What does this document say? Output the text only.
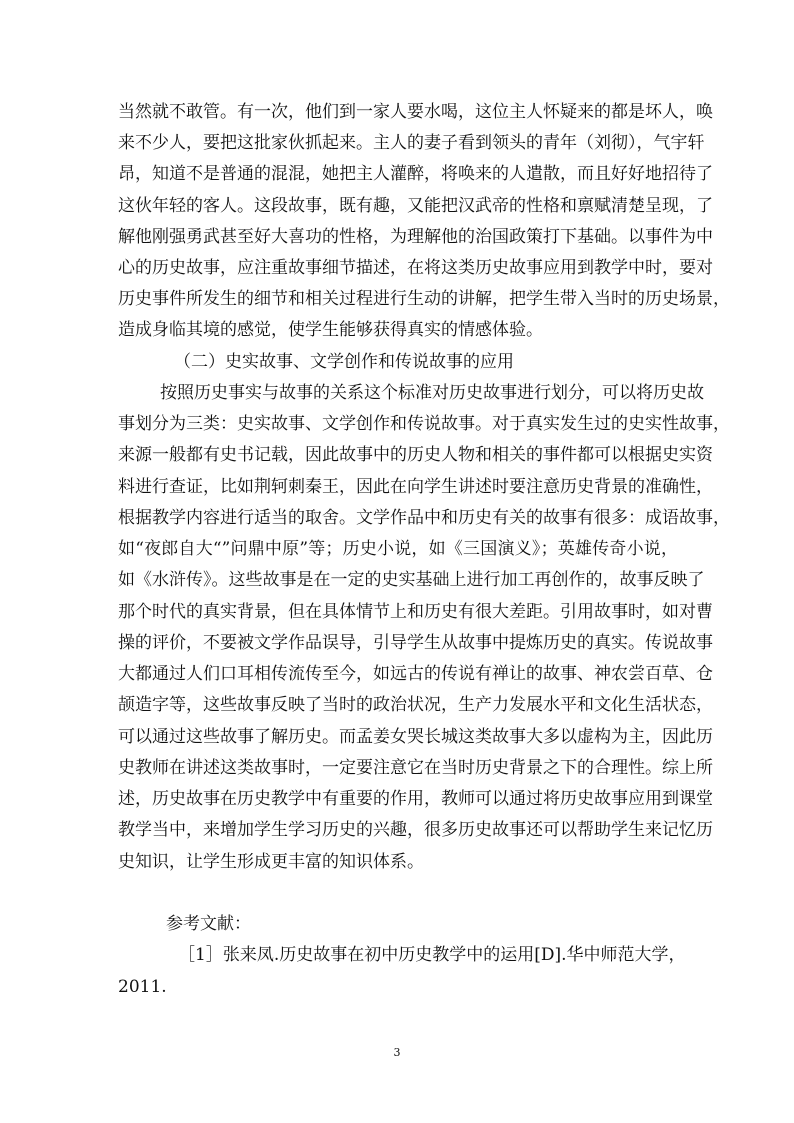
当然就不敢管。有一次，他们到一家人要水喝，这位主人怀疑来的都是坏人，唤
来不少人，要把这批家伙抓起来。主人的妻子看到领头的青年（刘彻），气宇轩
昂，知道不是普通的混混，她把主人灌醉，将唤来的人遣散，而且好好地招待了
这伙年轻的客人。这段故事，既有趣，又能把汉武帝的性格和禀赋清楚呈现，了
解他刚强勇武甚至好大喜功的性格，为理解他的治国政策打下基础。以事件为中
心的历史故事，应注重故事细节描述，在将这类历史故事应用到教学中时，要对
历史事件所发生的细节和相关过程进行生动的讲解，把学生带入当时的历史场景，
造成身临其境的感觉，使学生能够获得真实的情感体验。
（二）史实故事、文学创作和传说故事的应用
按照历史事实与故事的关系这个标准对历史故事进行划分，可以将历史故
事划分为三类：史实故事、文学创作和传说故事。对于真实发生过的史实性故事，
来源一般都有史书记载，因此故事中的历史人物和相关的事件都可以根据史实资
料进行查证，比如荆轲刺秦王，因此在向学生讲述时要注意历史背景的准确性，
根据教学内容进行适当的取舍。文学作品中和历史有关的故事有很多：成语故事，
如“夜郎自大“”问鼎中原”等；历史小说，如《三国演义》；英雄传奇小说，
如《水浒传》。这些故事是在一定的史实基础上进行加工再创作的，故事反映了
那个时代的真实背景，但在具体情节上和历史有很大差距。引用故事时，如对曹
操的评价，不要被文学作品误导，引导学生从故事中提炼历史的真实。传说故事
大都通过人们口耳相传流传至今，如远古的传说有禅让的故事、神农尝百草、仓
颉造字等，这些故事反映了当时的政治状况，生产力发展水平和文化生活状态，
可以通过这些故事了解历史。而孟姜女哭长城这类故事大多以虚构为主，因此历
史教师在讲述这类故事时，一定要注意它在当时历史背景之下的合理性。综上所
述，历史故事在历史教学中有重要的作用，教师可以通过将历史故事应用到课堂
教学当中，来增加学生学习历史的兴趣，很多历史故事还可以帮助学生来记忆历
史知识，让学生形成更丰富的知识体系。
参考文献：
［1］张来凤.历史故事在初中历史教学中的运用[D].华中师范大学，
2011.
3
